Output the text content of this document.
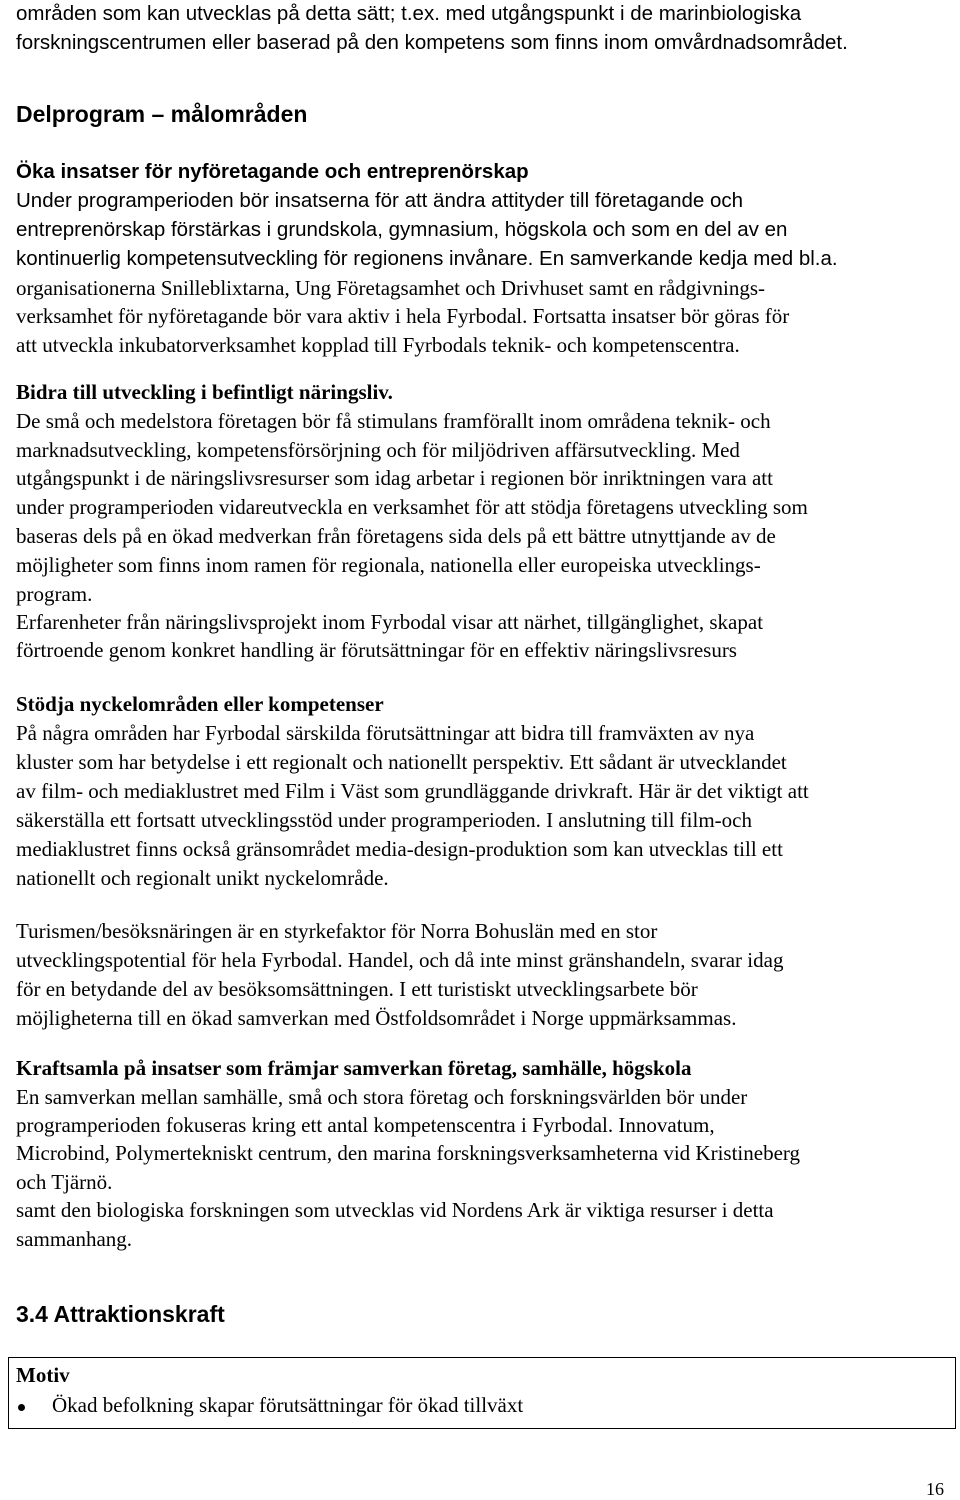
områden som kan utvecklas på detta sätt; t.ex. med utgångspunkt i de marinbiologiska
forskningscentrumen eller baserad på den kompetens som finns inom omvårdnadsområdet.
Delprogram – målområden
Öka insatser för nyföretagande och entreprenörskap
Under programperioden bör insatserna för att ändra attityder till företagande och
entreprenörskap förstärkas i grundskola, gymnasium, högskola och som en del av en
kontinuerlig kompetensutveckling för regionens invånare. En samverkande kedja med bl.a.
organisationerna Snilleblixtarna, Ung Företagsamhet och Drivhuset samt en rådgivnings-
verksamhet för nyföretagande bör vara aktiv i hela Fyrbodal. Fortsatta insatser bör göras för
att utveckla inkubatorverksamhet kopplad till Fyrbodals teknik- och kompetenscentra.
Bidra till utveckling i befintligt näringsliv.
De små och medelstora företagen bör få stimulans framförallt inom områdena teknik- och
marknadsutveckling, kompetensförsörjning och för miljödriven affärsutveckling. Med
utgångspunkt i de näringslivsresurser som idag arbetar i regionen bör inriktningen vara att
under programperioden vidareutveckla en verksamhet för att stödja företagens utveckling som
baseras dels på en ökad medverkan från företagens sida dels på ett bättre utnyttjande av de
möjligheter som finns inom ramen för regionala, nationella eller europeiska utvecklings-
program.
Erfarenheter från näringslivsprojekt inom Fyrbodal visar att närhet, tillgänglighet, skapat
förtroende genom konkret handling är förutsättningar för en effektiv näringslivsresurs
Stödja nyckelområden eller kompetenser
På några områden har Fyrbodal särskilda förutsättningar att bidra till framväxten av nya
kluster som har betydelse i ett regionalt och nationellt perspektiv. Ett sådant är utvecklandet
av film- och mediaklustret med Film i Väst som grundläggande drivkraft. Här är det viktigt att
säkerställa ett fortsatt utvecklingsstöd under programperioden. I anslutning till film-och
mediaklustret finns också gränsområdet media-design-produktion som kan utvecklas till ett
nationellt och regionalt unikt nyckelområde.
Turismen/besöksnäringen är en styrkefaktor för Norra Bohuslän med en stor
utvecklingspotential för hela Fyrbodal. Handel, och då inte minst gränshandeln, svarar idag
för en betydande del av besöksomsättningen. I ett turistiskt utvecklingsarbete bör
möjligheterna till en ökad samverkan med Östfoldsområdet i Norge uppmärksammas.
Kraftsamla på insatser som främjar samverkan företag, samhälle, högskola
En samverkan mellan samhälle, små och stora företag och forskningsvärlden bör under
programperioden fokuseras kring ett antal kompetenscentra i Fyrbodal. Innovatum,
Microbind, Polymertekniskt centrum, den marina forskningsverksamheterna vid Kristineberg
och Tjärnö.
samt den biologiska forskningen som utvecklas vid Nordens Ark är viktiga resurser i detta
sammanhang.
3.4 Attraktionskraft
Motiv
Ökad befolkning skapar förutsättningar för ökad tillväxt
16
